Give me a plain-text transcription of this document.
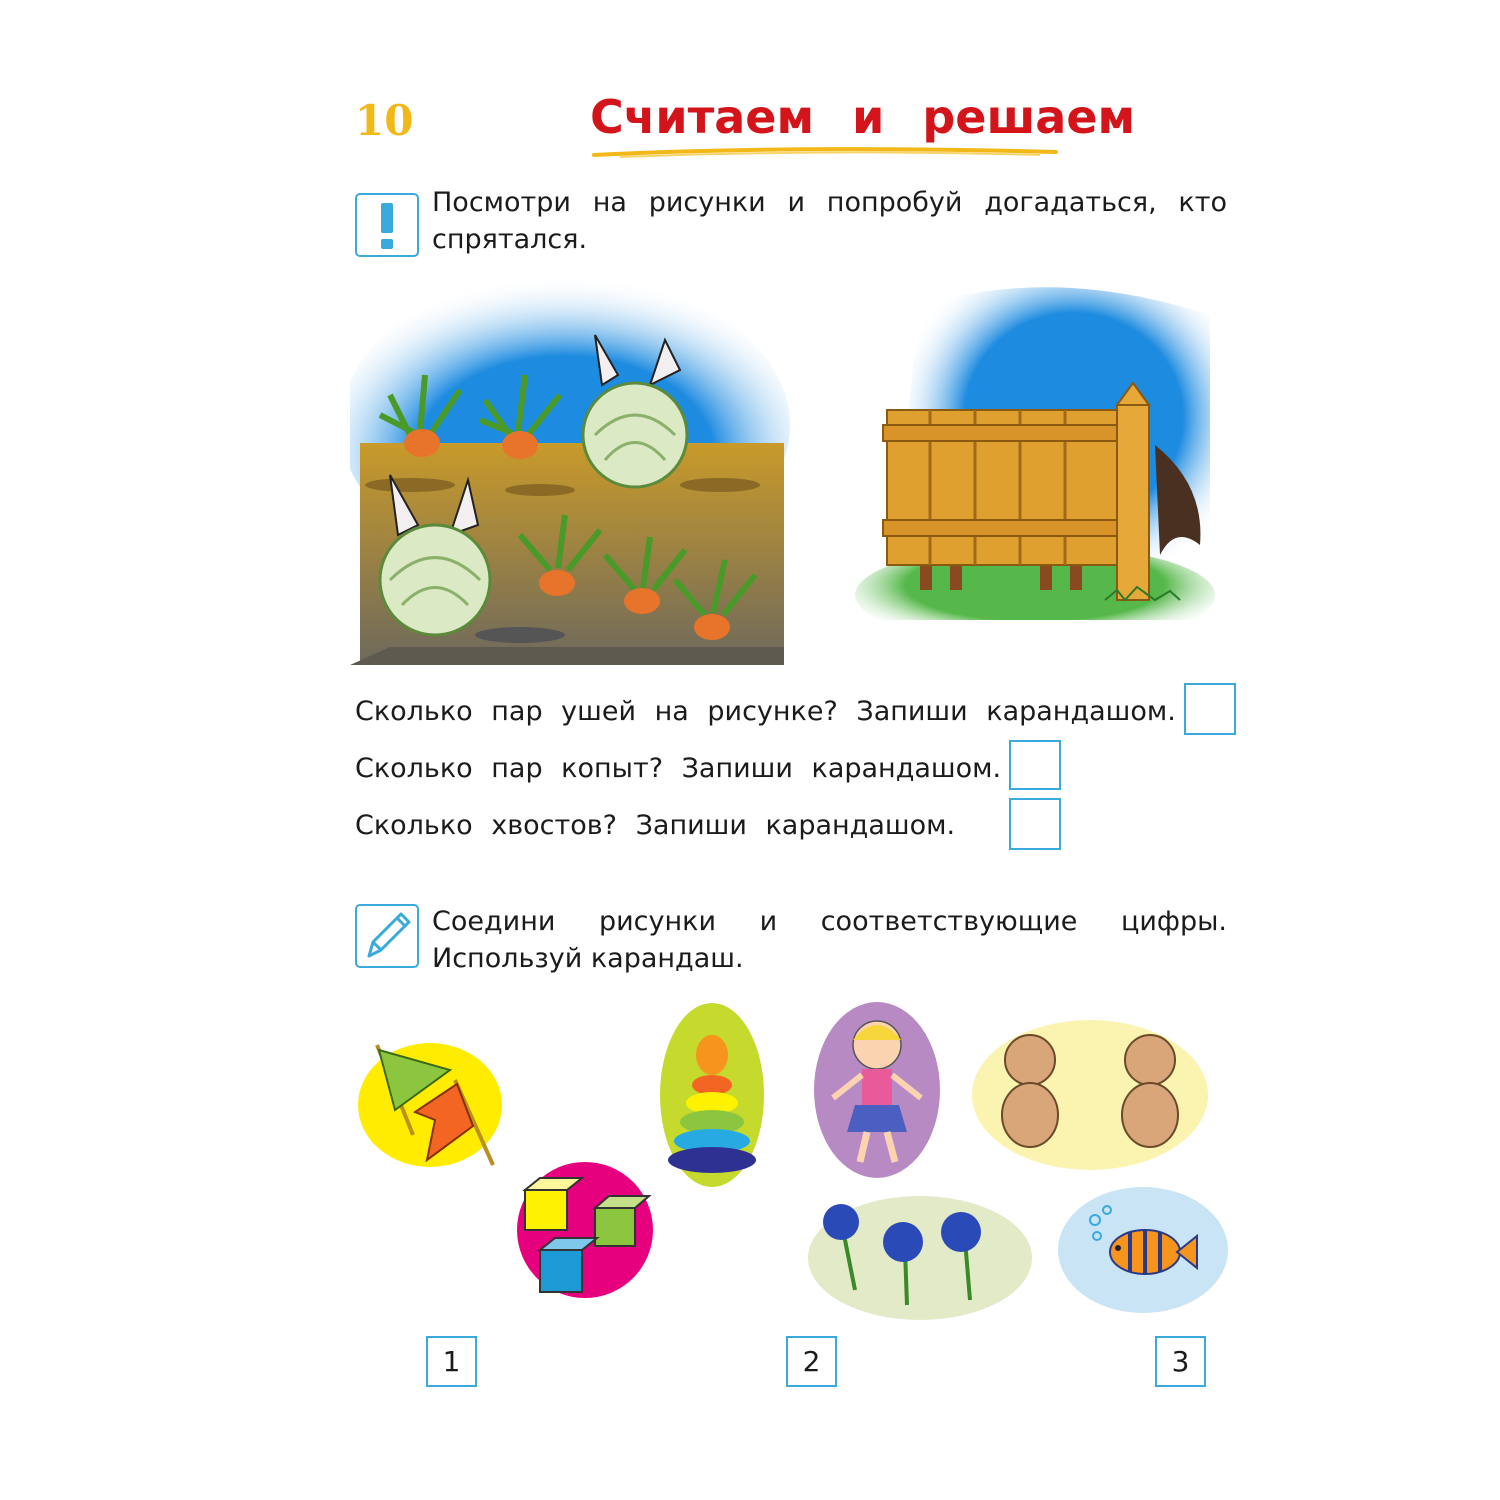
10	Считаем и решаем
Посмотри на рисунки и попробуй догадаться, кто спрятался.
Сколько пар ушей на рисунке? Запиши карандашом.
Сколько пар копыт? Запиши карандашом.
Сколько хвостов? Запиши карандашом.
Соедини рисунки и соответствующие цифры. Используй карандаш.
1	2	3
